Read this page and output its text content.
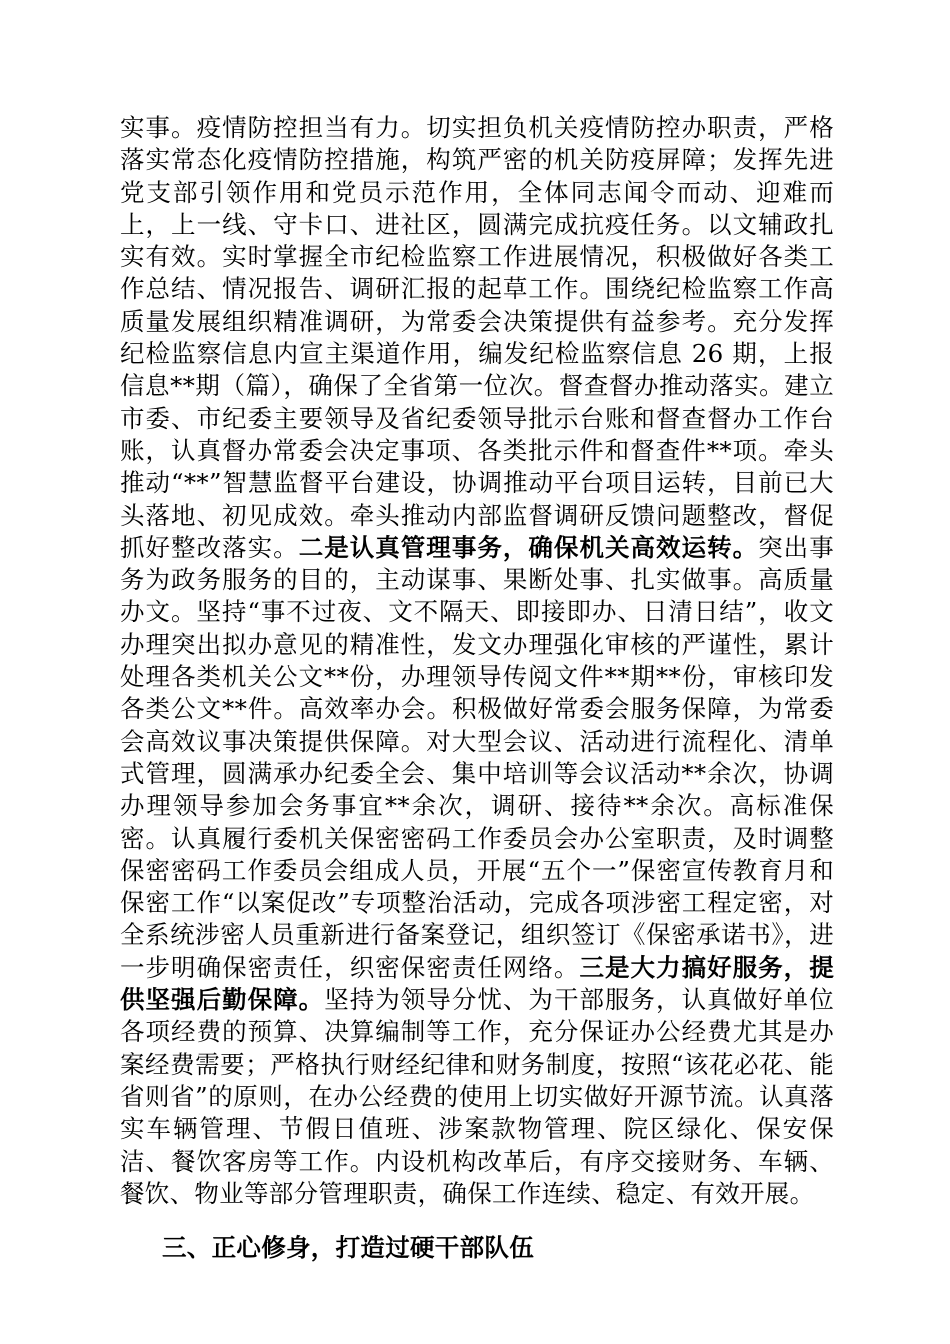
实事。疫情防控担当有力。切实担负机关疫情防控办职责，严格落实常态化疫情防控措施，构筑严密的机关防疫屏障；发挥先进党支部引领作用和党员示范作用，全体同志闻令而动、迎难而上，上一线、守卡口、进社区，圆满完成抗疫任务。以文辅政扎实有效。实时掌握全市纪检监察工作进展情况，积极做好各类工作总结、情况报告、调研汇报的起草工作。围绕纪检监察工作高质量发展组织精准调研，为常委会决策提供有益参考。充分发挥纪检监察信息内宣主渠道作用，编发纪检监察信息 26 期，上报信息**期（篇），确保了全省第一位次。督查督办推动落实。建立市委、市纪委主要领导及省纪委领导批示台账和督查督办工作台账，认真督办常委会决定事项、各类批示件和督查件**项。牵头推动“**”智慧监督平台建设，协调推动平台项目运转，目前已大头落地、初见成效。牵头推动内部监督调研反馈问题整改，督促抓好整改落实。二是认真管理事务，确保机关高效运转。突出事务为政务服务的目的，主动谋事、果断处事、扎实做事。高质量办文。坚持“事不过夜、文不隔天、即接即办、日清日结”，收文办理突出拟办意见的精准性，发文办理强化审核的严谨性，累计处理各类机关公文**份，办理领导传阅文件**期**份，审核印发各类公文**件。高效率办会。积极做好常委会服务保障，为常委会高效议事决策提供保障。对大型会议、活动进行流程化、清单式管理，圆满承办纪委全会、集中培训等会议活动**余次，协调办理领导参加会务事宜**余次，调研、接待**余次。高标准保密。认真履行委机关保密密码工作委员会办公室职责，及时调整保密密码工作委员会组成人员，开展“五个一”保密宣传教育月和保密工作“以案促改”专项整治活动，完成各项涉密工程定密，对全系统涉密人员重新进行备案登记，组织签订《保密承诺书》，进一步明确保密责任，织密保密责任网络。三是大力搞好服务，提供坚强后勤保障。坚持为领导分忧、为干部服务，认真做好单位各项经费的预算、决算编制等工作，充分保证办公经费尤其是办案经费需要；严格执行财经纪律和财务制度，按照“该花必花、能省则省”的原则，在办公经费的使用上切实做好开源节流。认真落实车辆管理、节假日值班、涉案款物管理、院区绿化、保安保洁、餐饮客房等工作。内设机构改革后，有序交接财务、车辆、餐饮、物业等部分管理职责，确保工作连续、稳定、有效开展。

三、正心修身，打造过硬干部队伍
